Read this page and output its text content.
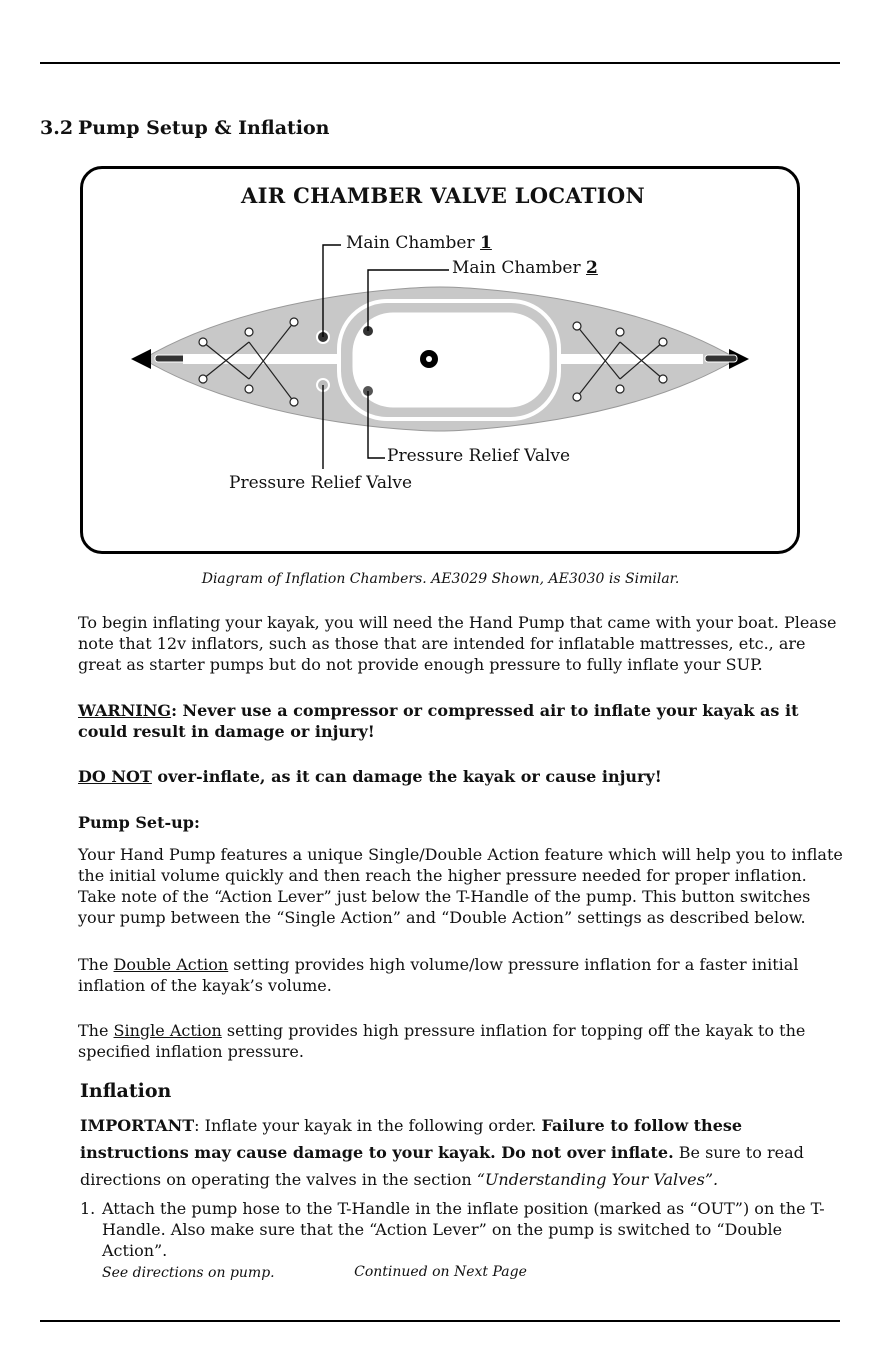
3.2 Pump Setup & Inflation
AIR CHAMBER VALVE LOCATION
Main Chamber 1
Main Chamber 2
Pressure Relief Valve
Pressure Relief Valve
Diagram of Inflation Chambers. AE3029 Shown, AE3030 is Similar.
To begin inflating your kayak, you will need the Hand Pump that came with your boat. Please note that 12v inflators, such as those that are intended for inflatable mattresses, etc., are great as starter pumps but do not provide enough pressure to fully inflate your SUP.
WARNING: Never use a compressor or compressed air to inflate your kayak as it could result in damage or injury!
DO NOT over-inflate, as it can damage the kayak or cause injury!
Pump Set-up:
Your Hand Pump features a unique Single/Double Action feature which will help you to inflate the initial volume quickly and then reach the higher pressure needed for proper inflation. Take note of the “Action Lever” just below the T-Handle of the pump. This button switches your pump between the “Single Action” and “Double Action” settings as described below.
The Double Action setting provides high volume/low pressure inflation for a faster initial inflation of the kayak’s volume.
The Single Action setting provides high pressure inflation for topping off the kayak to the specified inflation pressure.
Inflation
IMPORTANT: Inflate your kayak in the following order. Failure to follow these instructions may cause damage to your kayak. Do not over inflate. Be sure to read directions on operating the valves in the section “Understanding Your Valves”.
1. Attach the pump hose to the T-Handle in the inflate position (marked as “OUT”) on the T-Handle. Also make sure that the “Action Lever” on the pump is switched to “Double Action”.
See directions on pump.	Continued on Next Page
